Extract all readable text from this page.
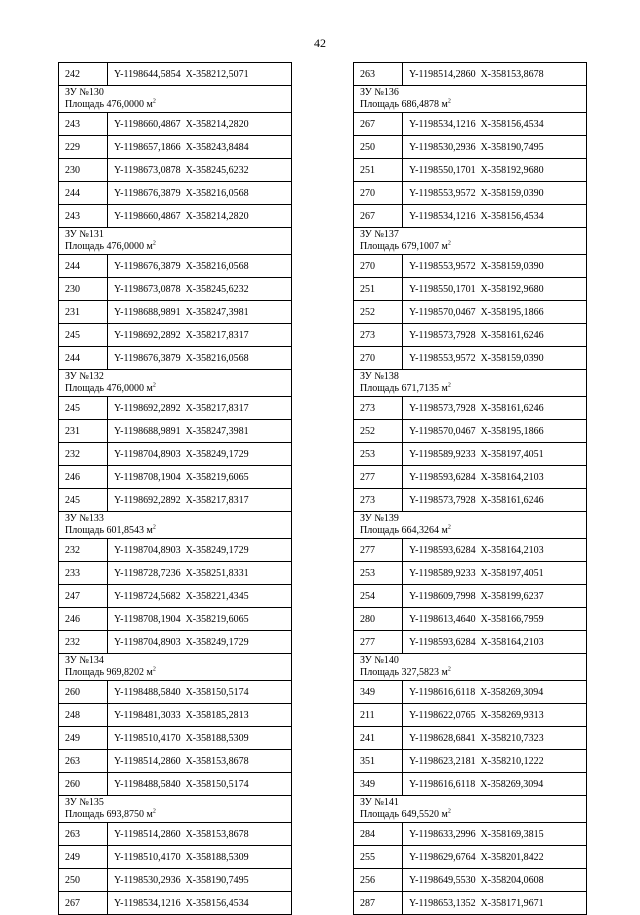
42
242	Y-1198644,5854 X-358212,5071
ЗУ №130
Площадь 476,0000 $м^2$
243	Y-1198660,4867 X-358214,2820
229	Y-1198657,1866 X-358243,8484
230	Y-1198673,0878 X-358245,6232
244	Y-1198676,3879 X-358216,0568
243	Y-1198660,4867 X-358214,2820
ЗУ №131
Площадь 476,0000 $м^2$
244	Y-1198676,3879 X-358216,0568
230	Y-1198673,0878 X-358245,6232
231	Y-1198688,9891 X-358247,3981
245	Y-1198692,2892 X-358217,8317
244	Y-1198676,3879 X-358216,0568
ЗУ №132
Площадь 476,0000 $м^2$
245	Y-1198692,2892 X-358217,8317
231	Y-1198688,9891 X-358247,3981
232	Y-1198704,8903 X-358249,1729
246	Y-1198708,1904 X-358219,6065
245	Y-1198692,2892 X-358217,8317
ЗУ №133
Площадь 601,8543 $м^2$
232	Y-1198704,8903 X-358249,1729
233	Y-1198728,7236 X-358251,8331
247	Y-1198724,5682 X-358221,4345
246	Y-1198708,1904 X-358219,6065
232	Y-1198704,8903 X-358249,1729
ЗУ №134
Площадь 969,8202 $м^2$
260	Y-1198488,5840 X-358150,5174
248	Y-1198481,3033 X-358185,2813
249	Y-1198510,4170 X-358188,5309
263	Y-1198514,2860 X-358153,8678
260	Y-1198488,5840 X-358150,5174
ЗУ №135
Площадь 693,8750 $м^2$
263	Y-1198514,2860 X-358153,8678
249	Y-1198510,4170 X-358188,5309
250	Y-1198530,2936 X-358190,7495
267	Y-1198534,1216 X-358156,4534
263	Y-1198514,2860 X-358153,8678
ЗУ №136
Площадь 686,4878 $м^2$
267	Y-1198534,1216 X-358156,4534
250	Y-1198530,2936 X-358190,7495
251	Y-1198550,1701 X-358192,9680
270	Y-1198553,9572 X-358159,0390
267	Y-1198534,1216 X-358156,4534
ЗУ №137
Площадь 679,1007 $м^2$
270	Y-1198553,9572 X-358159,0390
251	Y-1198550,1701 X-358192,9680
252	Y-1198570,0467 X-358195,1866
273	Y-1198573,7928 X-358161,6246
270	Y-1198553,9572 X-358159,0390
ЗУ №138
Площадь 671,7135 $м^2$
273	Y-1198573,7928 X-358161,6246
252	Y-1198570,0467 X-358195,1866
253	Y-1198589,9233 X-358197,4051
277	Y-1198593,6284 X-358164,2103
273	Y-1198573,7928 X-358161,6246
ЗУ №139
Площадь 664,3264 $м^2$
277	Y-1198593,6284 X-358164,2103
253	Y-1198589,9233 X-358197,4051
254	Y-1198609,7998 X-358199,6237
280	Y-1198613,4640 X-358166,7959
277	Y-1198593,6284 X-358164,2103
ЗУ №140
Площадь 327,5823 $м^2$
349	Y-1198616,6118 X-358269,3094
211	Y-1198622,0765 X-358269,9313
241	Y-1198628,6841 X-358210,7323
351	Y-1198623,2181 X-358210,1222
349	Y-1198616,6118 X-358269,3094
ЗУ №141
Площадь 649,5520 $м^2$
284	Y-1198633,2996 X-358169,3815
255	Y-1198629,6764 X-358201,8422
256	Y-1198649,5530 X-358204,0608
287	Y-1198653,1352 X-358171,9671
